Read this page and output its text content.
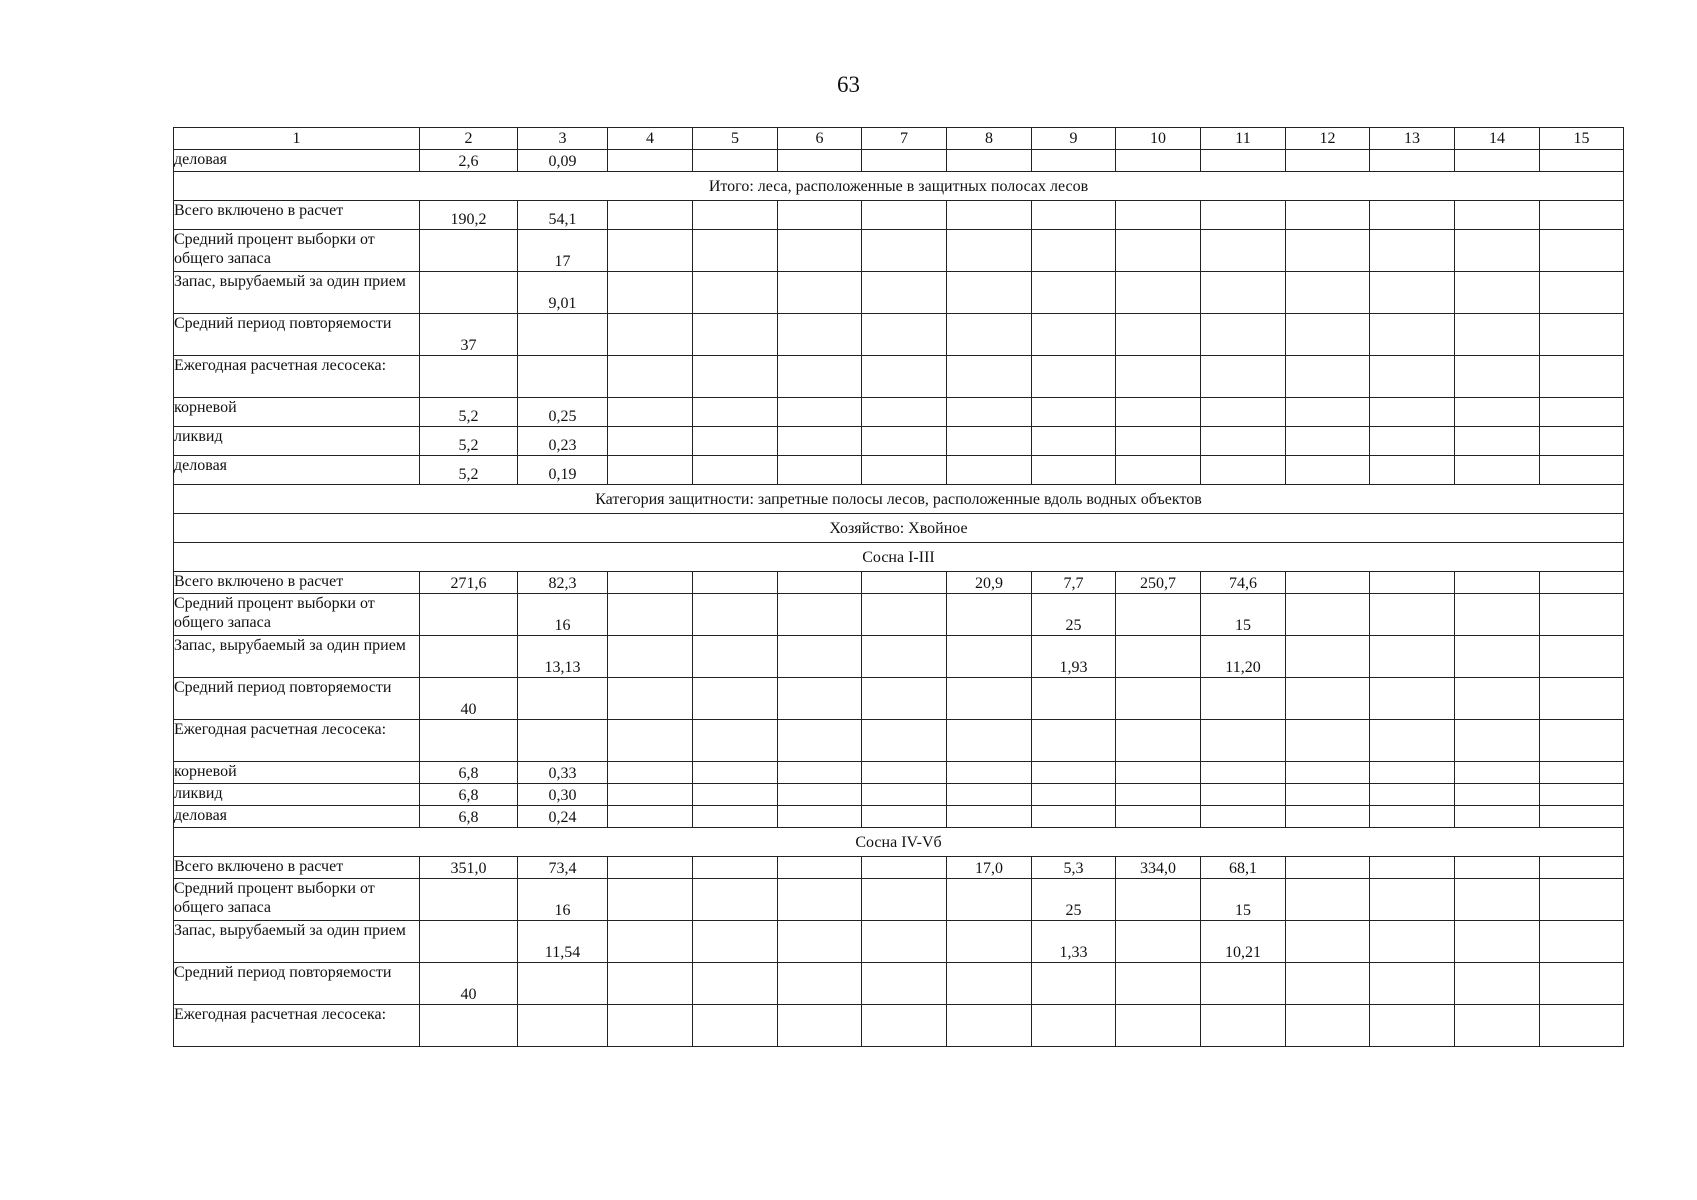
63
1	2	3	4	5	6	7	8	9	10	11	12	13	14	15
деловая	2,6	0,09												
Итого: леса, расположенные в защитных полосах лесов														
Всего включено в расчет	190,2	54,1												
Средний процент выборки от общего запаса		17												
Запас, вырубаемый за один прием		9,01												
Средний период повторяемости	37													
Ежегодная расчетная лесосека:														
корневой	5,2	0,25												
ликвид	5,2	0,23												
деловая	5,2	0,19												
Категория защитности: запретные полосы лесов, расположенные вдоль водных объектов														
Хозяйство: Хвойное														
Сосна I-III														
Всего включено в расчет	271,6	82,3					20,9	7,7	250,7	74,6				
Средний процент выборки от общего запаса		16						25		15				
Запас, вырубаемый за один прием		13,13						1,93		11,20				
Средний период повторяемости	40													
Ежегодная расчетная лесосека:														
корневой	6,8	0,33												
ликвид	6,8	0,30												
деловая	6,8	0,24												
Сосна IV-Vб														
Всего включено в расчет	351,0	73,4					17,0	5,3	334,0	68,1				
Средний процент выборки от общего запаса		16						25		15				
Запас, вырубаемый за один прием		11,54						1,33		10,21				
Средний период повторяемости	40													
Ежегодная расчетная лесосека:														
